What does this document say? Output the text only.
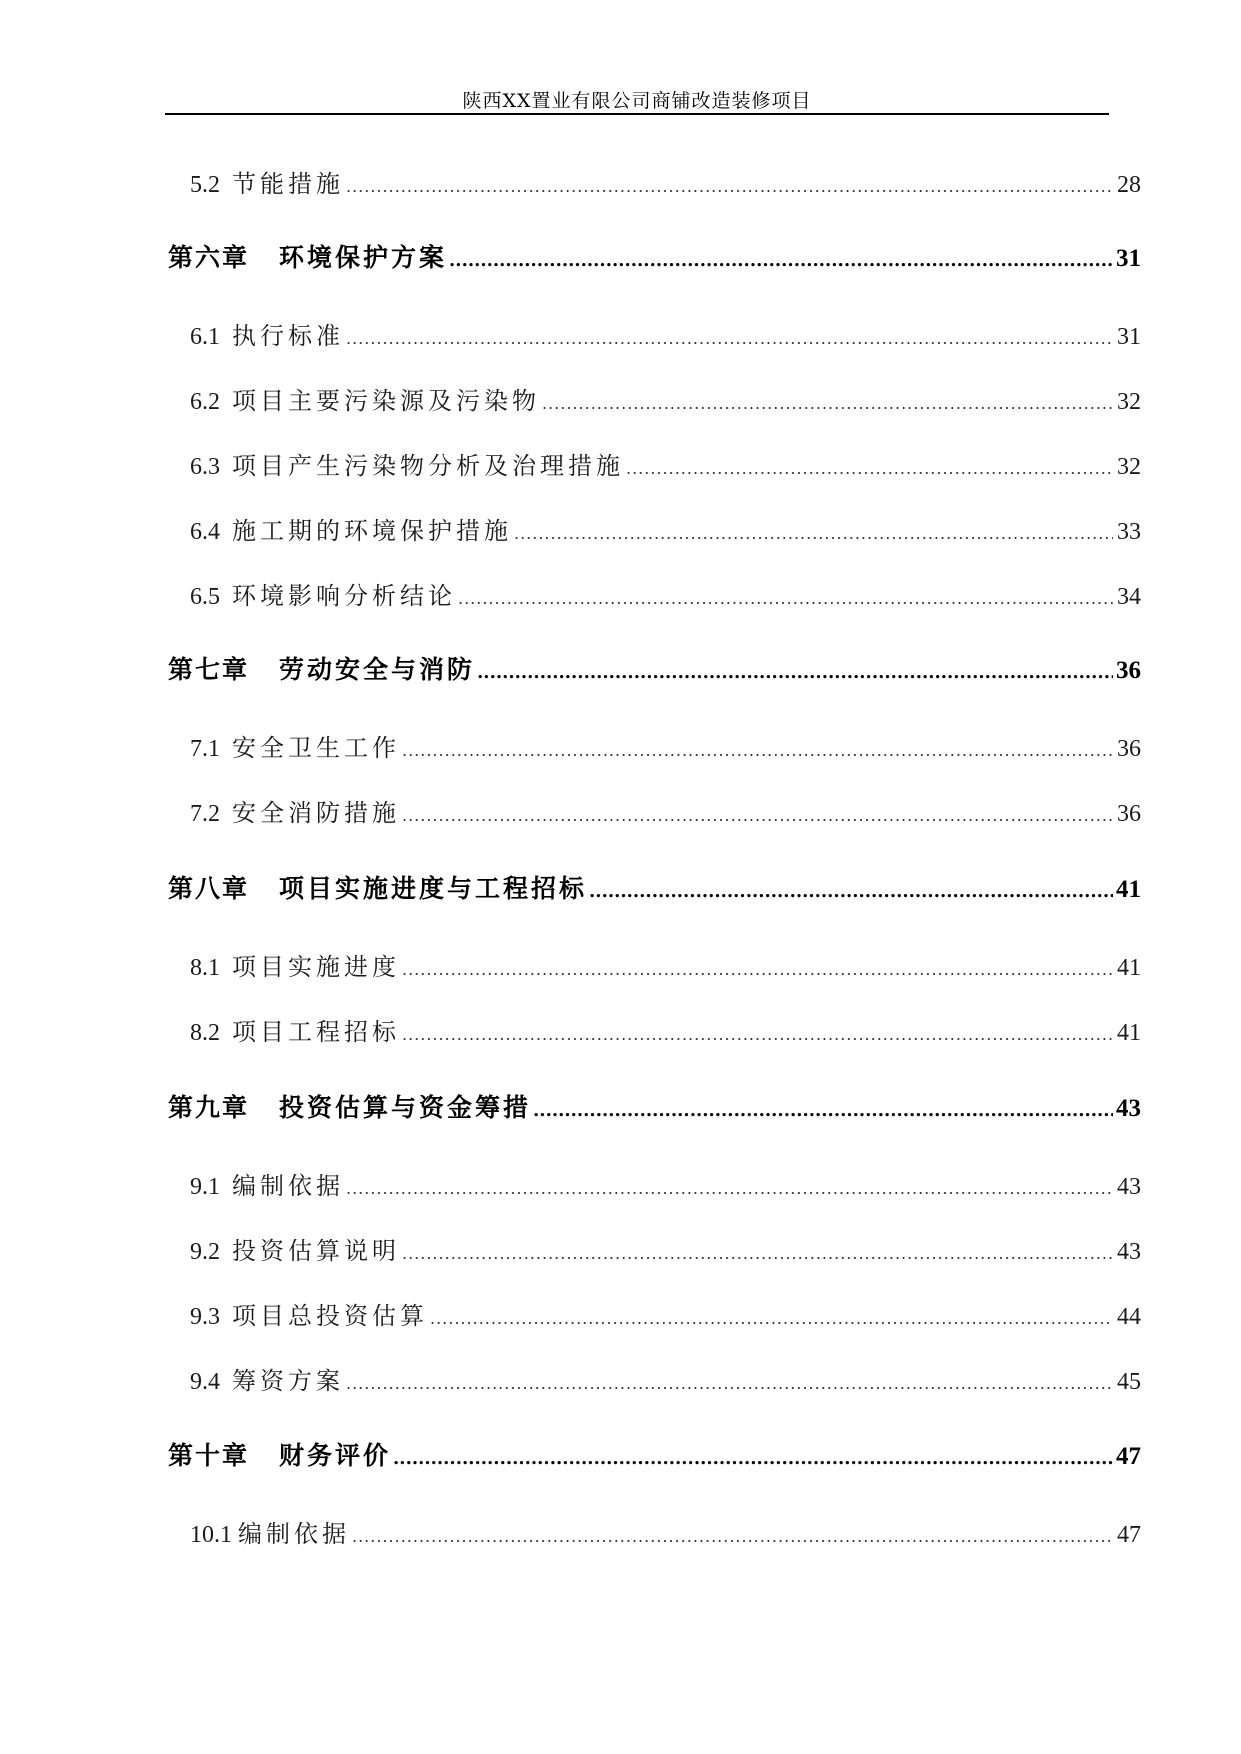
陕西XX置业有限公司商铺改造装修项目
5.2 节能措施 .....	28
第六章 环境保护方案 .....	31
6.1 执行标准 .....	31
6.2 项目主要污染源及污染物 .....	32
6.3 项目产生污染物分析及治理措施 .....	32
6.4 施工期的环境保护措施 .....	33
6.5 环境影响分析结论 .....	34
第七章 劳动安全与消防 .....	36
7.1 安全卫生工作 .....	36
7.2 安全消防措施 .....	36
第八章 项目实施进度与工程招标 .....	41
8.1 项目实施进度 .....	41
8.2 项目工程招标 .....	41
第九章 投资估算与资金筹措 .....	43
9.1 编制依据 .....	43
9.2 投资估算说明 .....	43
9.3 项目总投资估算 .....	44
9.4 筹资方案 .....	45
第十章 财务评价 .....	47
10.1 编制依据 .....	47
